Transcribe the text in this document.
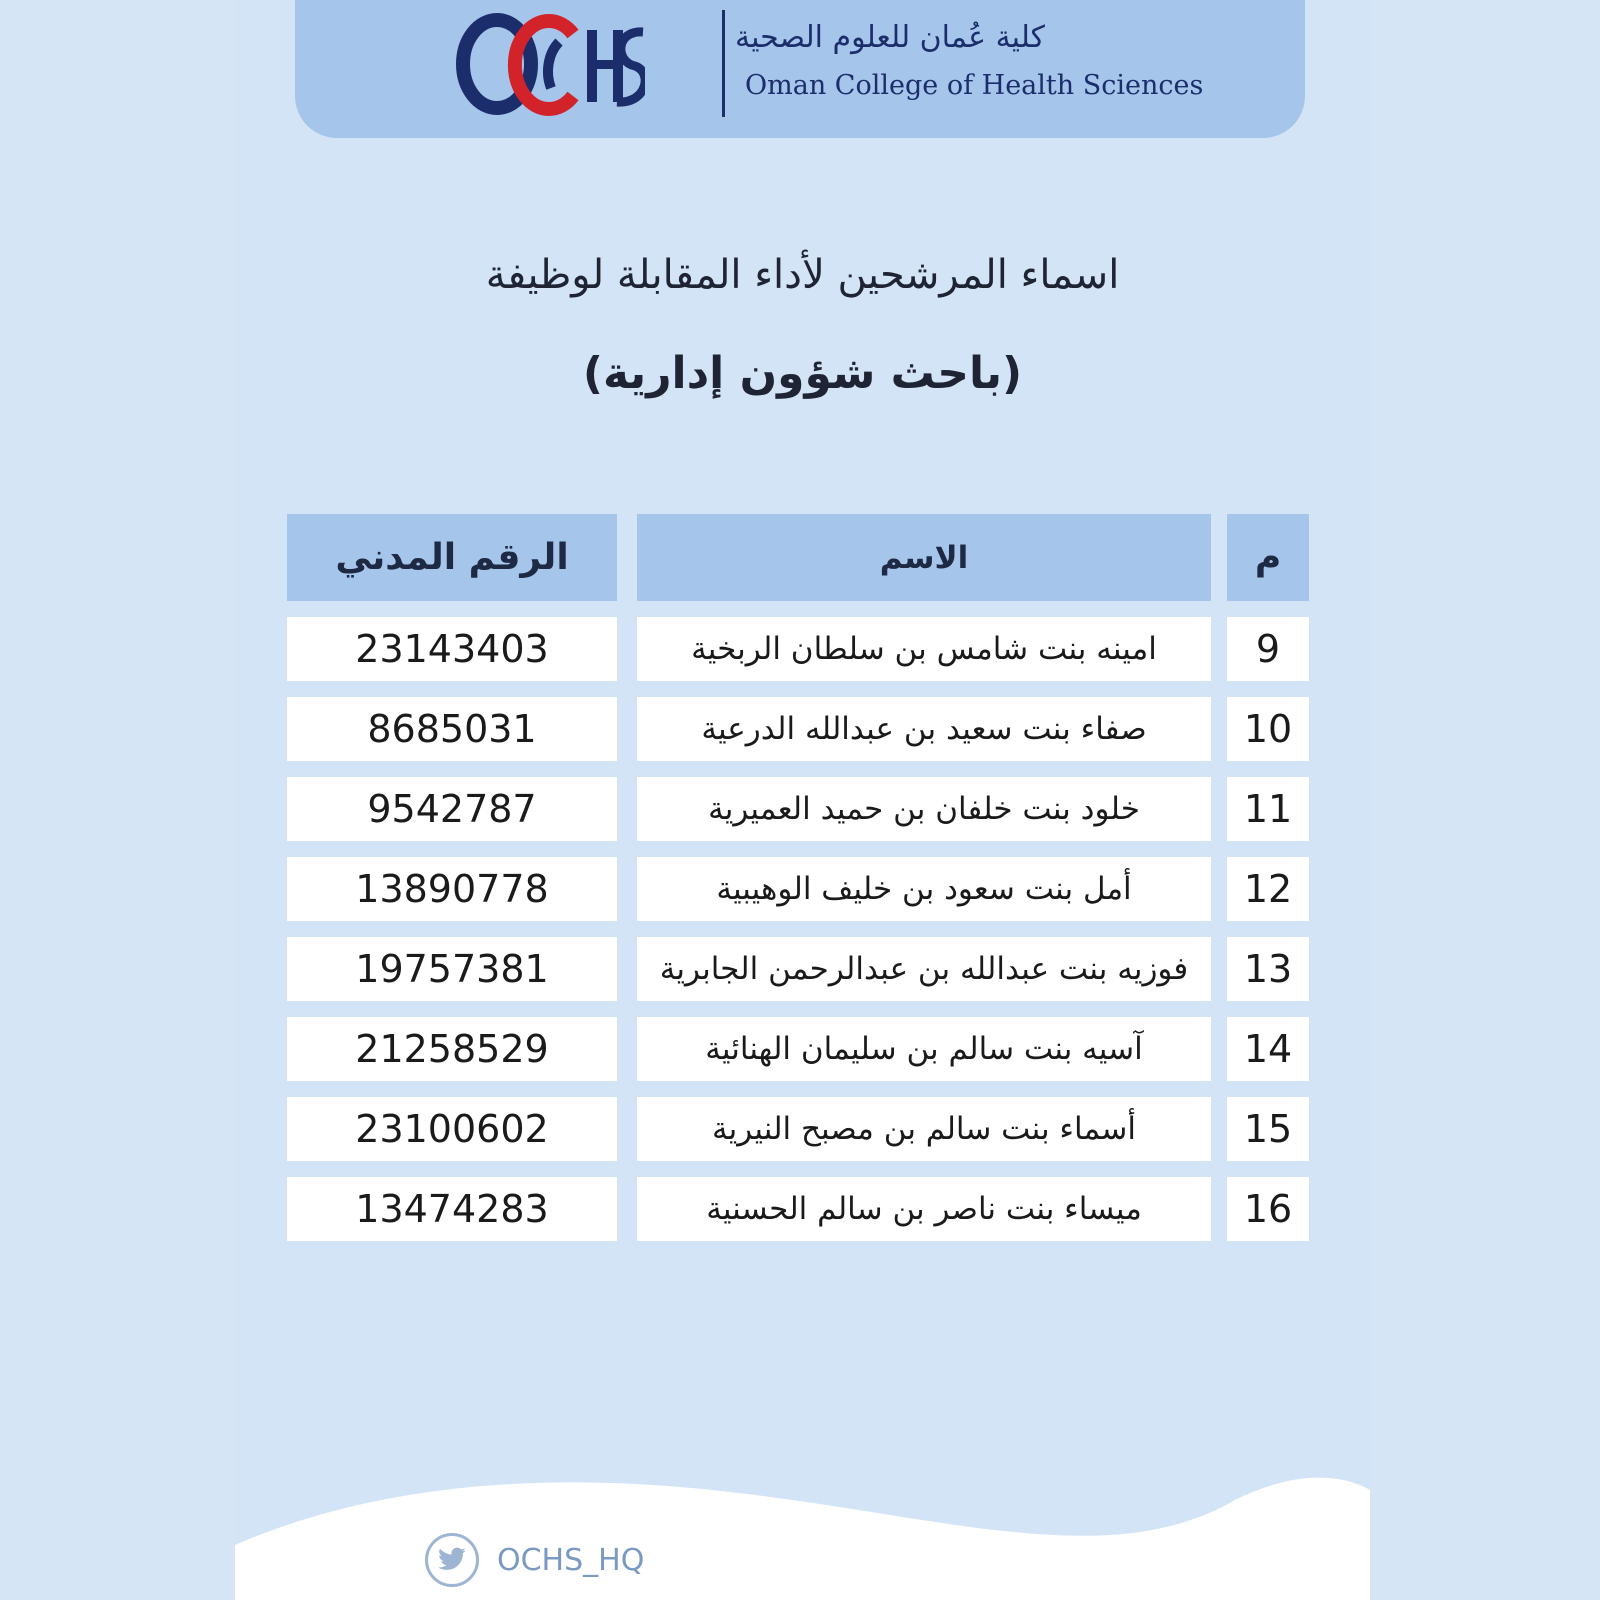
كلية عُمان للعلوم الصحية
Oman College of Health Sciences
اسماء المرشحين لأداء المقابلة لوظيفة
(باحث شؤون إدارية)
الرقم المدني	الاسم	م
23143403	امينه بنت شامس بن سلطان الربخية	9
8685031	صفاء بنت سعيد بن عبدالله الدرعية	10
9542787	خلود بنت خلفان بن حميد العميرية	11
13890778	أمل بنت سعود بن خليف الوهيبية	12
19757381	فوزيه بنت عبدالله بن عبدالرحمن الجابرية	13
21258529	آسيه بنت سالم بن سليمان الهنائية	14
23100602	أسماء بنت سالم بن مصبح النيرية	15
13474283	ميساء بنت ناصر بن سالم الحسنية	16
OCHS_HQ
